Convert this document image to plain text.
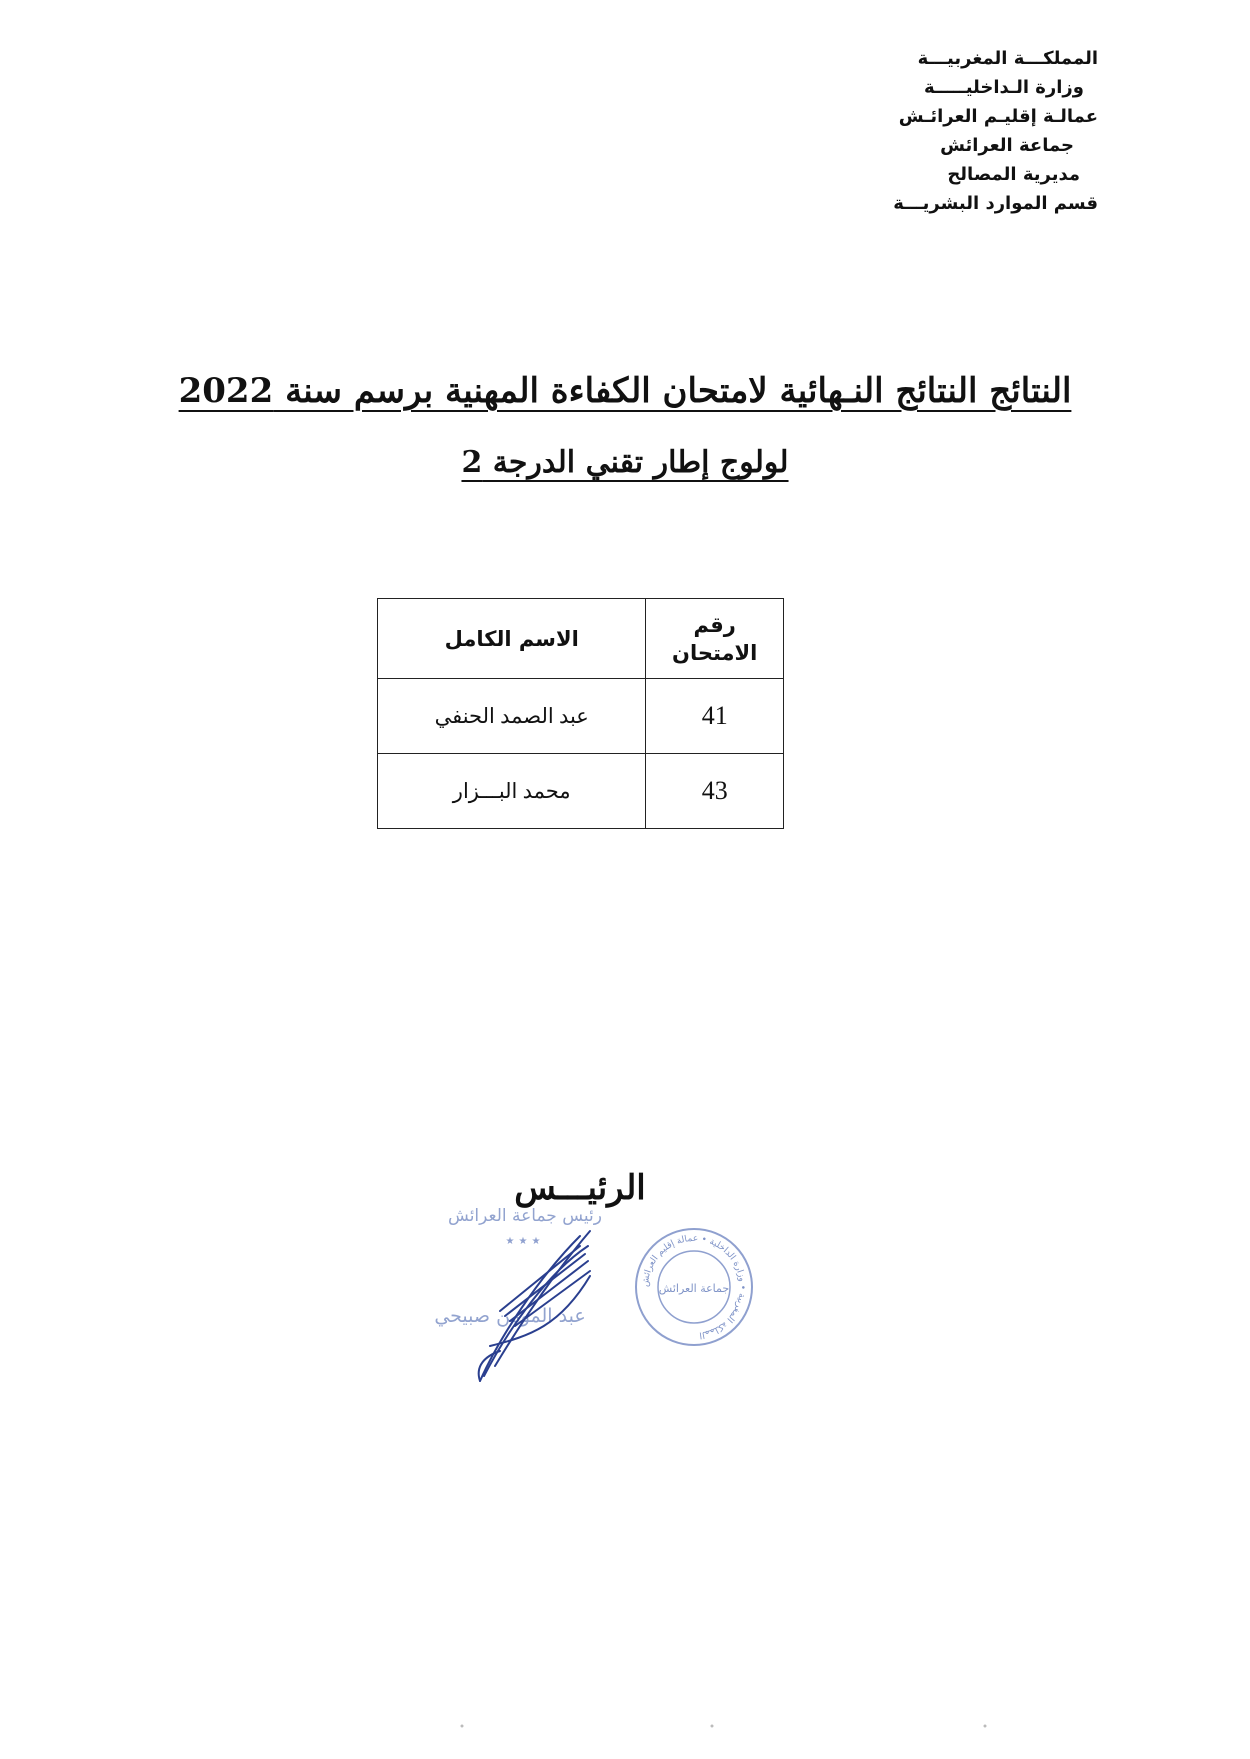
المملكـــة المغربيـــة
وزارة الـداخليـــــة
عمالـة إقليـم العرائـش
جماعة العرائش
مديرية المصالح
قسم الموارد البشريـــة
النتائج النتائج النـهائية لامتحان الكفاءة المهنية برسم سنة 2022
لولوج إطار تقني الدرجة 2
رقم الامتحان	الاسم الكامل
41	عبد الصمد الحنفي
43	محمد البـــزار
الرئيـــس
رئيس جماعة العرائش
★★★
عبد المومن صبيحي
المملكة المغربية • وزارة الداخلية • عمالة إقليم العرائش
جماعة العرائش
